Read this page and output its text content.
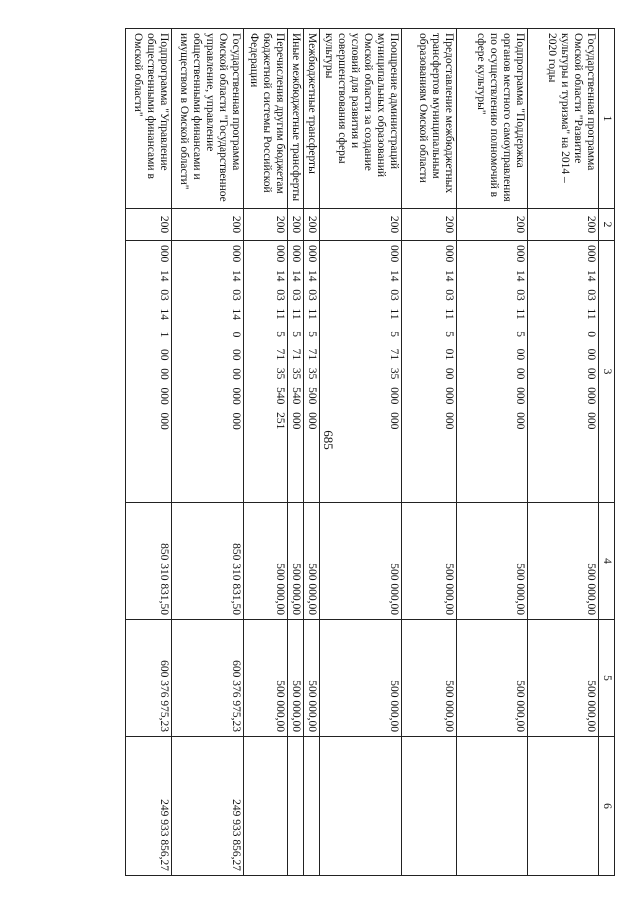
685
1	2	3	4	5	6
Государственная программа Омской области "Развитие культуры и туризма" на 2014 – 2020 годы	200	000  14  03  11   0   00  00  000  000	500 000,00	500 000,00	
Подпрограмма "Поддержка органов местного самоуправления по осуществлению полномочий в сфере культуры"	200	000  14  03  11   5   00  00  000  000	500 000,00	500 000,00	
Предоставление межбюджетных трансфертов муниципальным образованиям Омской области	200	000  14  03  11   5   01  00  000  000	500 000,00	500 000,00	
Поощрение администраций муниципальных образований Омской области за создание условий для развития и совершенствования сферы культуры	200	000  14  03  11   5   71  35  000  000	500 000,00	500 000,00	
Межбюджетные трансферты	200	000  14  03  11   5   71  35  500  000	500 000,00	500 000,00	
Иные межбюджетные трансферты	200	000  14  03  11   5   71  35  540  000	500 000,00	500 000,00	
Перечисления другим бюджетам бюджетной системы Российской Федерации	200	000  14  03  11   5   71  35  540  251	500 000,00	500 000,00	
Государственная программа Омской области "Государственное управление, управление общественными финансами и имуществом в Омской области"	200	000  14  03  14   0   00  00  000  000	850 310 831,50	600 376 975,23	249 933 856,27
Подпрограмма "Управление общественными финансами в Омской области"	200	000  14  03  14   1   00  00  000  000	850 310 831,50	600 376 975,23	249 933 856,27
